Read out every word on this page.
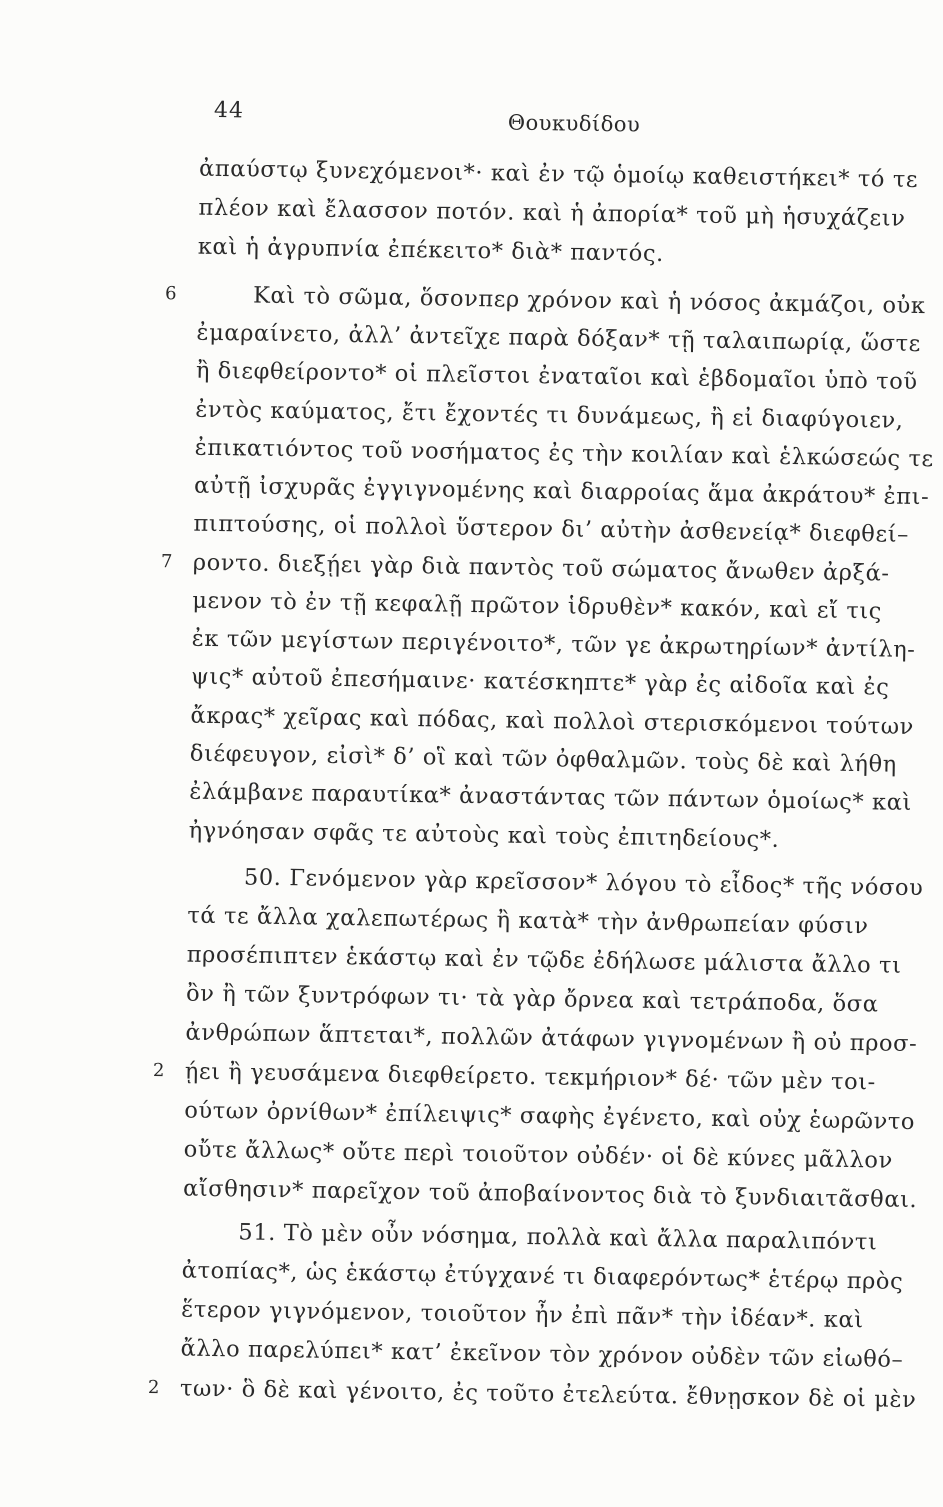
44	Θουκυδίδου
ἀπαύστῳ ξυνεχόμενοι*· καὶ ἐν τῷ ὁμοίῳ καθειστήκει* τό τε
πλέον καὶ ἔλασσον ποτόν. καὶ ἡ ἀπορία* τοῦ μὴ ἡσυχάζειν
καὶ ἡ ἀγρυπνία ἐπέκειτο* διὰ* παντός.
6	Καὶ τὸ σῶμα, ὅσονπερ χρόνον καὶ ἡ νόσος ἀκμάζοι, οὐκ
ἐμαραίνετο, ἀλλ’ ἀντεῖχε παρὰ δόξαν* τῇ ταλαιπωρίᾳ, ὥστε
ἢ διεφθείροντο* οἱ πλεῖστοι ἐναταῖοι καὶ ἑβδομαῖοι ὑπὸ τοῦ
ἐντὸς καύματος, ἔτι ἔχοντές τι δυνάμεως, ἢ εἰ διαφύγοιεν,
ἐπικατιόντος τοῦ νοσήματος ἐς τὴν κοιλίαν καὶ ἑλκώσεώς τε
αὐτῇ ἰσχυρᾶς ἐγγιγνομένης καὶ διαρροίας ἅμα ἀκράτου* ἐπι-
πιπτούσης, οἱ πολλοὶ ὕστερον δι’ αὐτὴν ἀσθενείᾳ* διεφθεί–
7 ροντο. διεξῄει γὰρ διὰ παντὸς τοῦ σώματος ἄνωθεν ἀρξά-
μενον τὸ ἐν τῇ κεφαλῇ πρῶτον ἱδρυθὲν* κακόν, καὶ εἴ τις
ἐκ τῶν μεγίστων περιγένοιτο*, τῶν γε ἀκρωτηρίων* ἀντίλη-
ψις* αὐτοῦ ἐπεσήμαινε· κατέσκηπτε* γὰρ ἐς αἰδοῖα καὶ ἐς
ἄκρας* χεῖρας καὶ πόδας, καὶ πολλοὶ στερισκόμενοι τούτων
διέφευγον, εἰσὶ* δ’ οἳ καὶ τῶν ὀφθαλμῶν. τοὺς δὲ καὶ λήθη
ἐλάμβανε παραυτίκα* ἀναστάντας τῶν πάντων ὁμοίως* καὶ
ἠγνόησαν σφᾶς τε αὐτοὺς καὶ τοὺς ἐπιτηδείους*.
50. Γενόμενον γὰρ κρεῖσσον* λόγου τὸ εἶδος* τῆς νόσου
τά τε ἄλλα χαλεπωτέρως ἢ κατὰ* τὴν ἀνθρωπείαν φύσιν
προσέπιπτεν ἑκάστῳ καὶ ἐν τῷδε ἐδήλωσε μάλιστα ἄλλο τι
ὂν ἢ τῶν ξυντρόφων τι· τὰ γὰρ ὄρνεα καὶ τετράποδα, ὅσα
ἀνθρώπων ἅπτεται*, πολλῶν ἀτάφων γιγνομένων ἢ οὐ προσ-
2 ῄει ἢ γευσάμενα διεφθείρετο. τεκμήριον* δέ· τῶν μὲν τοι-
ούτων ὀρνίθων* ἐπίλειψις* σαφὴς ἐγένετο, καὶ οὐχ ἑωρῶντο
οὔτε ἄλλως* οὔτε περὶ τοιοῦτον οὐδέν· οἱ δὲ κύνες μᾶλλον
αἴσθησιν* παρεῖχον τοῦ ἀποβαίνοντος διὰ τὸ ξυνδιαιτᾶσθαι.
51. Τὸ μὲν οὖν νόσημα, πολλὰ καὶ ἄλλα παραλιπόντι
ἀτοπίας*, ὡς ἑκάστῳ ἐτύγχανέ τι διαφερόντως* ἑτέρῳ πρὸς
ἕτερον γιγνόμενον, τοιοῦτον ἦν ἐπὶ πᾶν* τὴν ἰδέαν*. καὶ
ἄλλο παρελύπει* κατ’ ἐκεῖνον τὸν χρόνον οὐδὲν τῶν εἰωθό–
2 των· ὃ δὲ καὶ γένοιτο, ἐς τοῦτο ἐτελεύτα. ἔθνῃσκον δὲ οἱ μὲν
